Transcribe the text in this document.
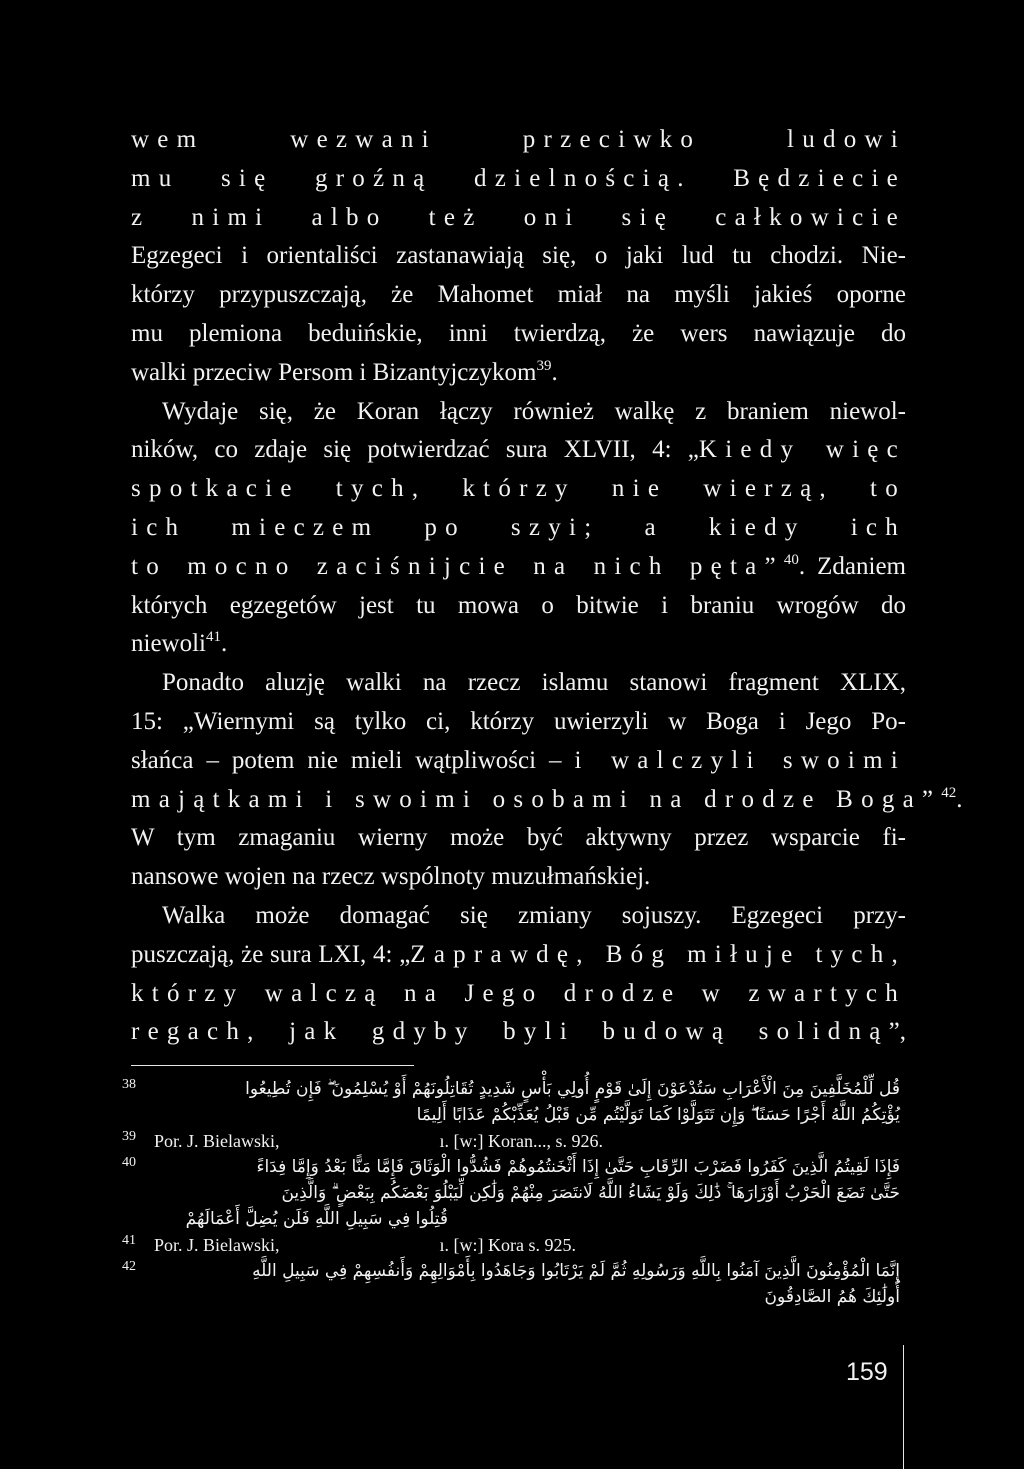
wem wezwani przeciwko ludowi
mu się groźną dzielnością. Będziecie
z nimi albo też oni się całkowicie
Egzegeci i orientaliści zastanawiają się, o jaki lud tu chodzi. Nie-
którzy przypuszczają, że Mahomet miał na myśli jakieś oporne
mu plemiona beduińskie, inni twierdzą, że wers nawiązuje do
walki przeciw Persom i Bizantyjczykom$^{39}$.
Wydaje się, że Koran łączy również walkę z braniem niewol-
ników, co zdaje się potwierdzać sura XLVII, 4: „Kiedy więc
spotkacie tych, którzy nie wierzą, to
ich mieczem po szyi; a kiedy ich
to mocno zaciśnijcie na nich pęta”$^{40}$. Zdaniem
których egzegetów jest tu mowa o bitwie i braniu wrogów do
niewoli$^{41}$.
Ponadto aluzję walki na rzecz islamu stanowi fragment XLIX,
15: „Wiernymi są tylko ci, którzy uwierzyli w Boga i Jego Po-
słańca – potem nie mieli wątpliwości – i walczyli swoimi
majątkami i swoimi osobami na drodze Boga”$^{42}$.
W tym zmaganiu wierny może być aktywny przez wsparcie fi-
nansowe wojen na rzecz wspólnoty muzułmańskiej.
Walka może domagać się zmiany sojuszy. Egzegeci przy-
puszczają, że sura LXI, 4: „Zaprawdę, Bóg miłuje tych,
którzy walczą na Jego drodze w zwartych
regach, jak gdyby byli budową solidną”,
38	قُل لِّلْمُخَلَّفِينَ مِنَ الْأَعْرَابِ سَتُدْعَوْنَ إِلَىٰ قَوْمٍ أُولِي بَأْسٍ شَدِيدٍ تُقَاتِلُونَهُمْ أَوْ يُسْلِمُونَ ۖ فَإِن تُطِيعُوا
يُؤْتِكُمُ اللَّهُ أَجْرًا حَسَنًا ۖ وَإِن تَتَوَلَّوْا كَمَا تَوَلَّيْتُم مِّن قَبْلُ يُعَذِّبْكُمْ عَذَابًا أَلِيمًا
39 Por. J. Bielawski,	ı. [w:] Koran..., s. 926.
40	فَإِذَا لَقِيتُمُ الَّذِينَ كَفَرُوا فَضَرْبَ الرِّقَابِ حَتَّىٰ إِذَا أَثْخَنتُمُوهُمْ فَشُدُّوا الْوَثَاقَ فَإِمَّا مَنًّا بَعْدُ وَإِمَّا فِدَاءً
حَتَّىٰ تَضَعَ الْحَرْبُ أَوْزَارَهَا ۚ ذَٰلِكَ وَلَوْ يَشَاءُ اللَّهُ لَانتَصَرَ مِنْهُمْ وَلَٰكِن لِّيَبْلُوَ بَعْضَكُم بِبَعْضٍ ۗ وَالَّذِينَ
قُتِلُوا فِي سَبِيلِ اللَّهِ فَلَن يُضِلَّ أَعْمَالَهُمْ
41 Por. J. Bielawski,	ı. [w:] Kora s. 925.
42	إِنَّمَا الْمُؤْمِنُونَ الَّذِينَ آمَنُوا بِاللَّهِ وَرَسُولِهِ ثُمَّ لَمْ يَرْتَابُوا وَجَاهَدُوا بِأَمْوَالِهِمْ وَأَنفُسِهِمْ فِي سَبِيلِ اللَّهِ
أُولَٰئِكَ هُمُ الصَّادِقُونَ
159
